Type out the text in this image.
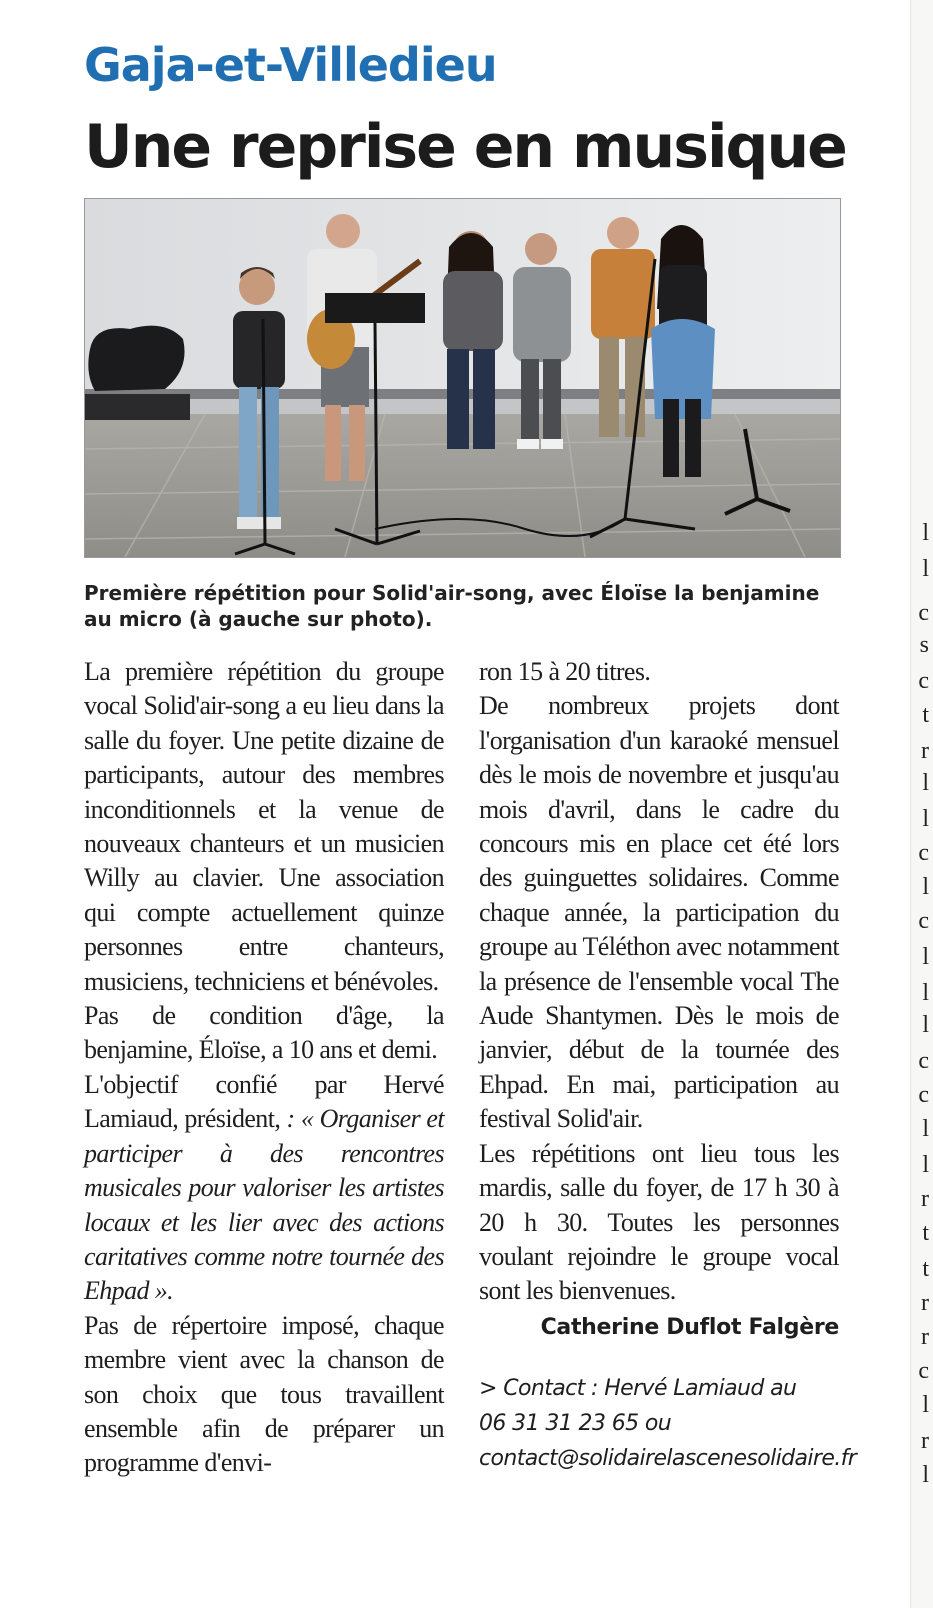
l
l
c
s
c
t
r
l
l
c
l
c
l
l
l
c
c
l
l
r
t
t
r
r
c
l
r
l
Gaja-et-Villedieu
Une reprise en musique

Première répétition pour Solid'air-song, avec Éloïse la benjamine au micro (à gauche sur photo).

La première répétition du groupe vocal Solid'air-song a eu lieu dans la salle du foyer. Une petite dizaine de participants, autour des membres inconditionnels et la venue de nouveaux chanteurs et un musicien Willy au clavier. Une association qui compte actuellement quinze personnes entre chanteurs, musiciens, techniciens et bénévoles.

Pas de condition d'âge, la benjamine, Éloïse, a 10 ans et demi.

L'objectif confié par Hervé Lamiaud, président, : « Organiser et participer à des rencontres musicales pour valoriser les artistes locaux et les lier avec des actions caritatives comme notre tournée des Ehpad ».

Pas de répertoire imposé, chaque membre vient avec la chanson de son choix que tous travaillent ensemble afin de préparer un programme d'envi-

ron 15 à 20 titres.

De nombreux projets dont l'organisation d'un karaoké mensuel dès le mois de novembre et jusqu'au mois d'avril, dans le cadre du concours mis en place cet été lors des guinguettes solidaires. Comme chaque année, la participation du groupe au Téléthon avec notamment la présence de l'ensemble vocal The Aude Shantymen. Dès le mois de janvier, début de la tournée des Ehpad. En mai, participation au festival Solid'air.

Les répétitions ont lieu tous les mardis, salle du foyer, de 17 h 30 à 20 h 30. Toutes les personnes voulant rejoindre le groupe vocal sont les bienvenues.

Catherine Duflot Falgère
> Contact : Hervé Lamiaud au
06 31 31 23 65 ou
contact@solidairelascenesolidaire.fr
